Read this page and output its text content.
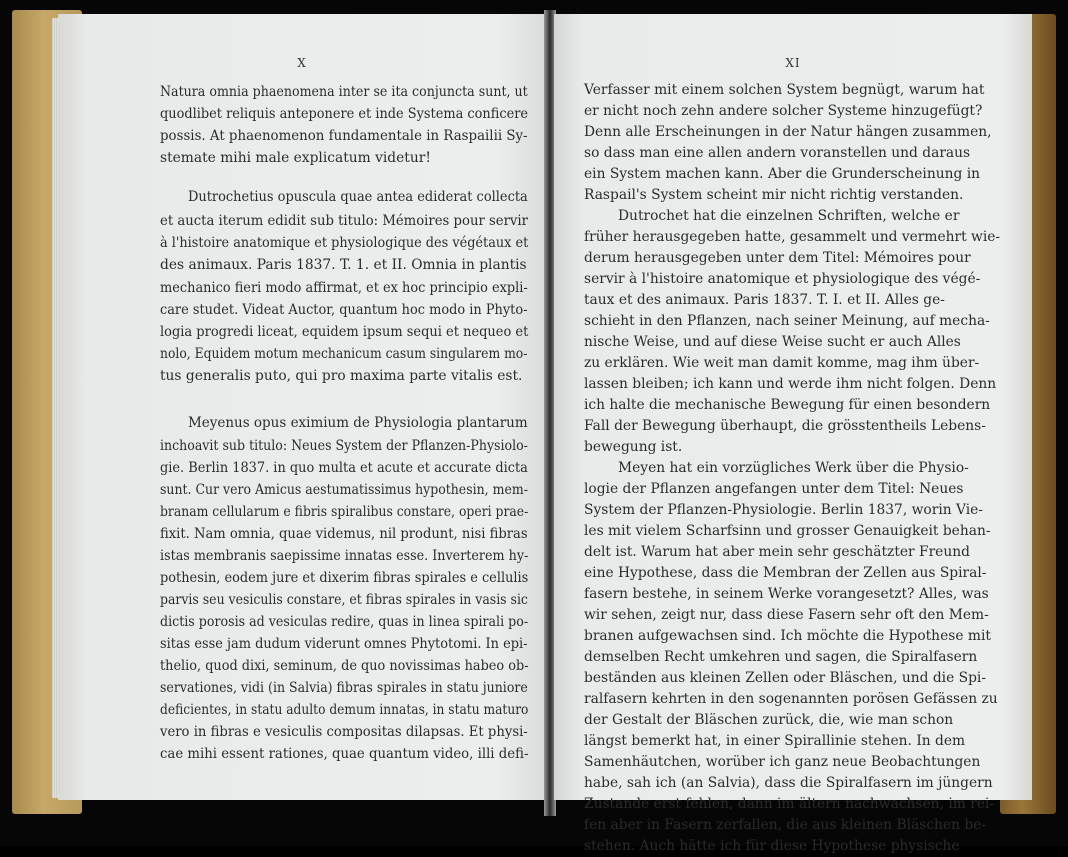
X
Natura omnia phaenomena inter se ita conjuncta sunt, ut
quodlibet reliquis anteponere et inde Systema conficere
possis. At phaenomenon fundamentale in Raspailii Sy-
stemate mihi male explicatum videtur!
Dutrochetius opuscula quae antea ediderat collecta
et aucta iterum edidit sub titulo: Mémoires pour servir
à l'histoire anatomique et physiologique des végétaux et
des animaux. Paris 1837. T. 1. et II. Omnia in plantis
mechanico fieri modo affirmat, et ex hoc principio expli-
care studet. Videat Auctor, quantum hoc modo in Phyto-
logia progredi liceat, equidem ipsum sequi et nequeo et
nolo, Equidem motum mechanicum casum singularem mo-
tus generalis puto, qui pro maxima parte vitalis est.
Meyenus opus eximium de Physiologia plantarum
inchoavit sub titulo: Neues System der Pflanzen-Physiolo-
gie. Berlin 1837. in quo multa et acute et accurate dicta
sunt. Cur vero Amicus aestumatissimus hypothesin, mem-
branam cellularum e fibris spiralibus constare, operi prae-
fixit. Nam omnia, quae videmus, nil produnt, nisi fibras
istas membranis saepissime innatas esse. Inverterem hy-
pothesin, eodem jure et dixerim fibras spirales e cellulis
parvis seu vesiculis constare, et fibras spirales in vasis sic
dictis porosis ad vesiculas redire, quas in linea spirali po-
sitas esse jam dudum viderunt omnes Phytotomi. In epi-
thelio, quod dixi, seminum, de quo novissimas habeo ob-
servationes, vidi (in Salvia) fibras spirales in statu juniore
deficientes, in statu adulto demum innatas, in statu maturo
vero in fibras e vesiculis compositas dilapsas. Et physi-
cae mihi essent rationes, quae quantum video, illi defi-
XI
Verfasser mit einem solchen System begnügt, warum hat
er nicht noch zehn andere solcher Systeme hinzugefügt?
Denn alle Erscheinungen in der Natur hängen zusammen,
so dass man eine allen andern voranstellen und daraus
ein System machen kann. Aber die Grunderscheinung in
Raspail's System scheint mir nicht richtig verstanden.
Dutrochet hat die einzelnen Schriften, welche er
früher herausgegeben hatte, gesammelt und vermehrt wie-
derum herausgegeben unter dem Titel: Mémoires pour
servir à l'histoire anatomique et physiologique des végé-
taux et des animaux. Paris 1837. T. I. et II. Alles ge-
schieht in den Pflanzen, nach seiner Meinung, auf mecha-
nische Weise, und auf diese Weise sucht er auch Alles
zu erklären. Wie weit man damit komme, mag ihm über-
lassen bleiben; ich kann und werde ihm nicht folgen. Denn
ich halte die mechanische Bewegung für einen besondern
Fall der Bewegung überhaupt, die grösstentheils Lebens-
bewegung ist.
Meyen hat ein vorzügliches Werk über die Physio-
logie der Pflanzen angefangen unter dem Titel: Neues
System der Pflanzen-Physiologie. Berlin 1837, worin Vie-
les mit vielem Scharfsinn und grosser Genauigkeit behan-
delt ist. Warum hat aber mein sehr geschätzter Freund
eine Hypothese, dass die Membran der Zellen aus Spiral-
fasern bestehe, in seinem Werke vorangesetzt? Alles, was
wir sehen, zeigt nur, dass diese Fasern sehr oft den Mem-
branen aufgewachsen sind. Ich möchte die Hypothese mit
demselben Recht umkehren und sagen, die Spiralfasern
beständen aus kleinen Zellen oder Bläschen, und die Spi-
ralfasern kehrten in den sogenannten porösen Gefässen zu
der Gestalt der Bläschen zurück, die, wie man schon
längst bemerkt hat, in einer Spirallinie stehen. In dem
Samenhäutchen, worüber ich ganz neue Beobachtungen
habe, sah ich (an Salvia), dass die Spiralfasern im jüngern
Zustande erst fehlen, dann im ältern nachwachsen, im rei-
fen aber in Fasern zerfallen, die aus kleinen Bläschen be-
stehen. Auch hätte ich für diese Hypothese physische
